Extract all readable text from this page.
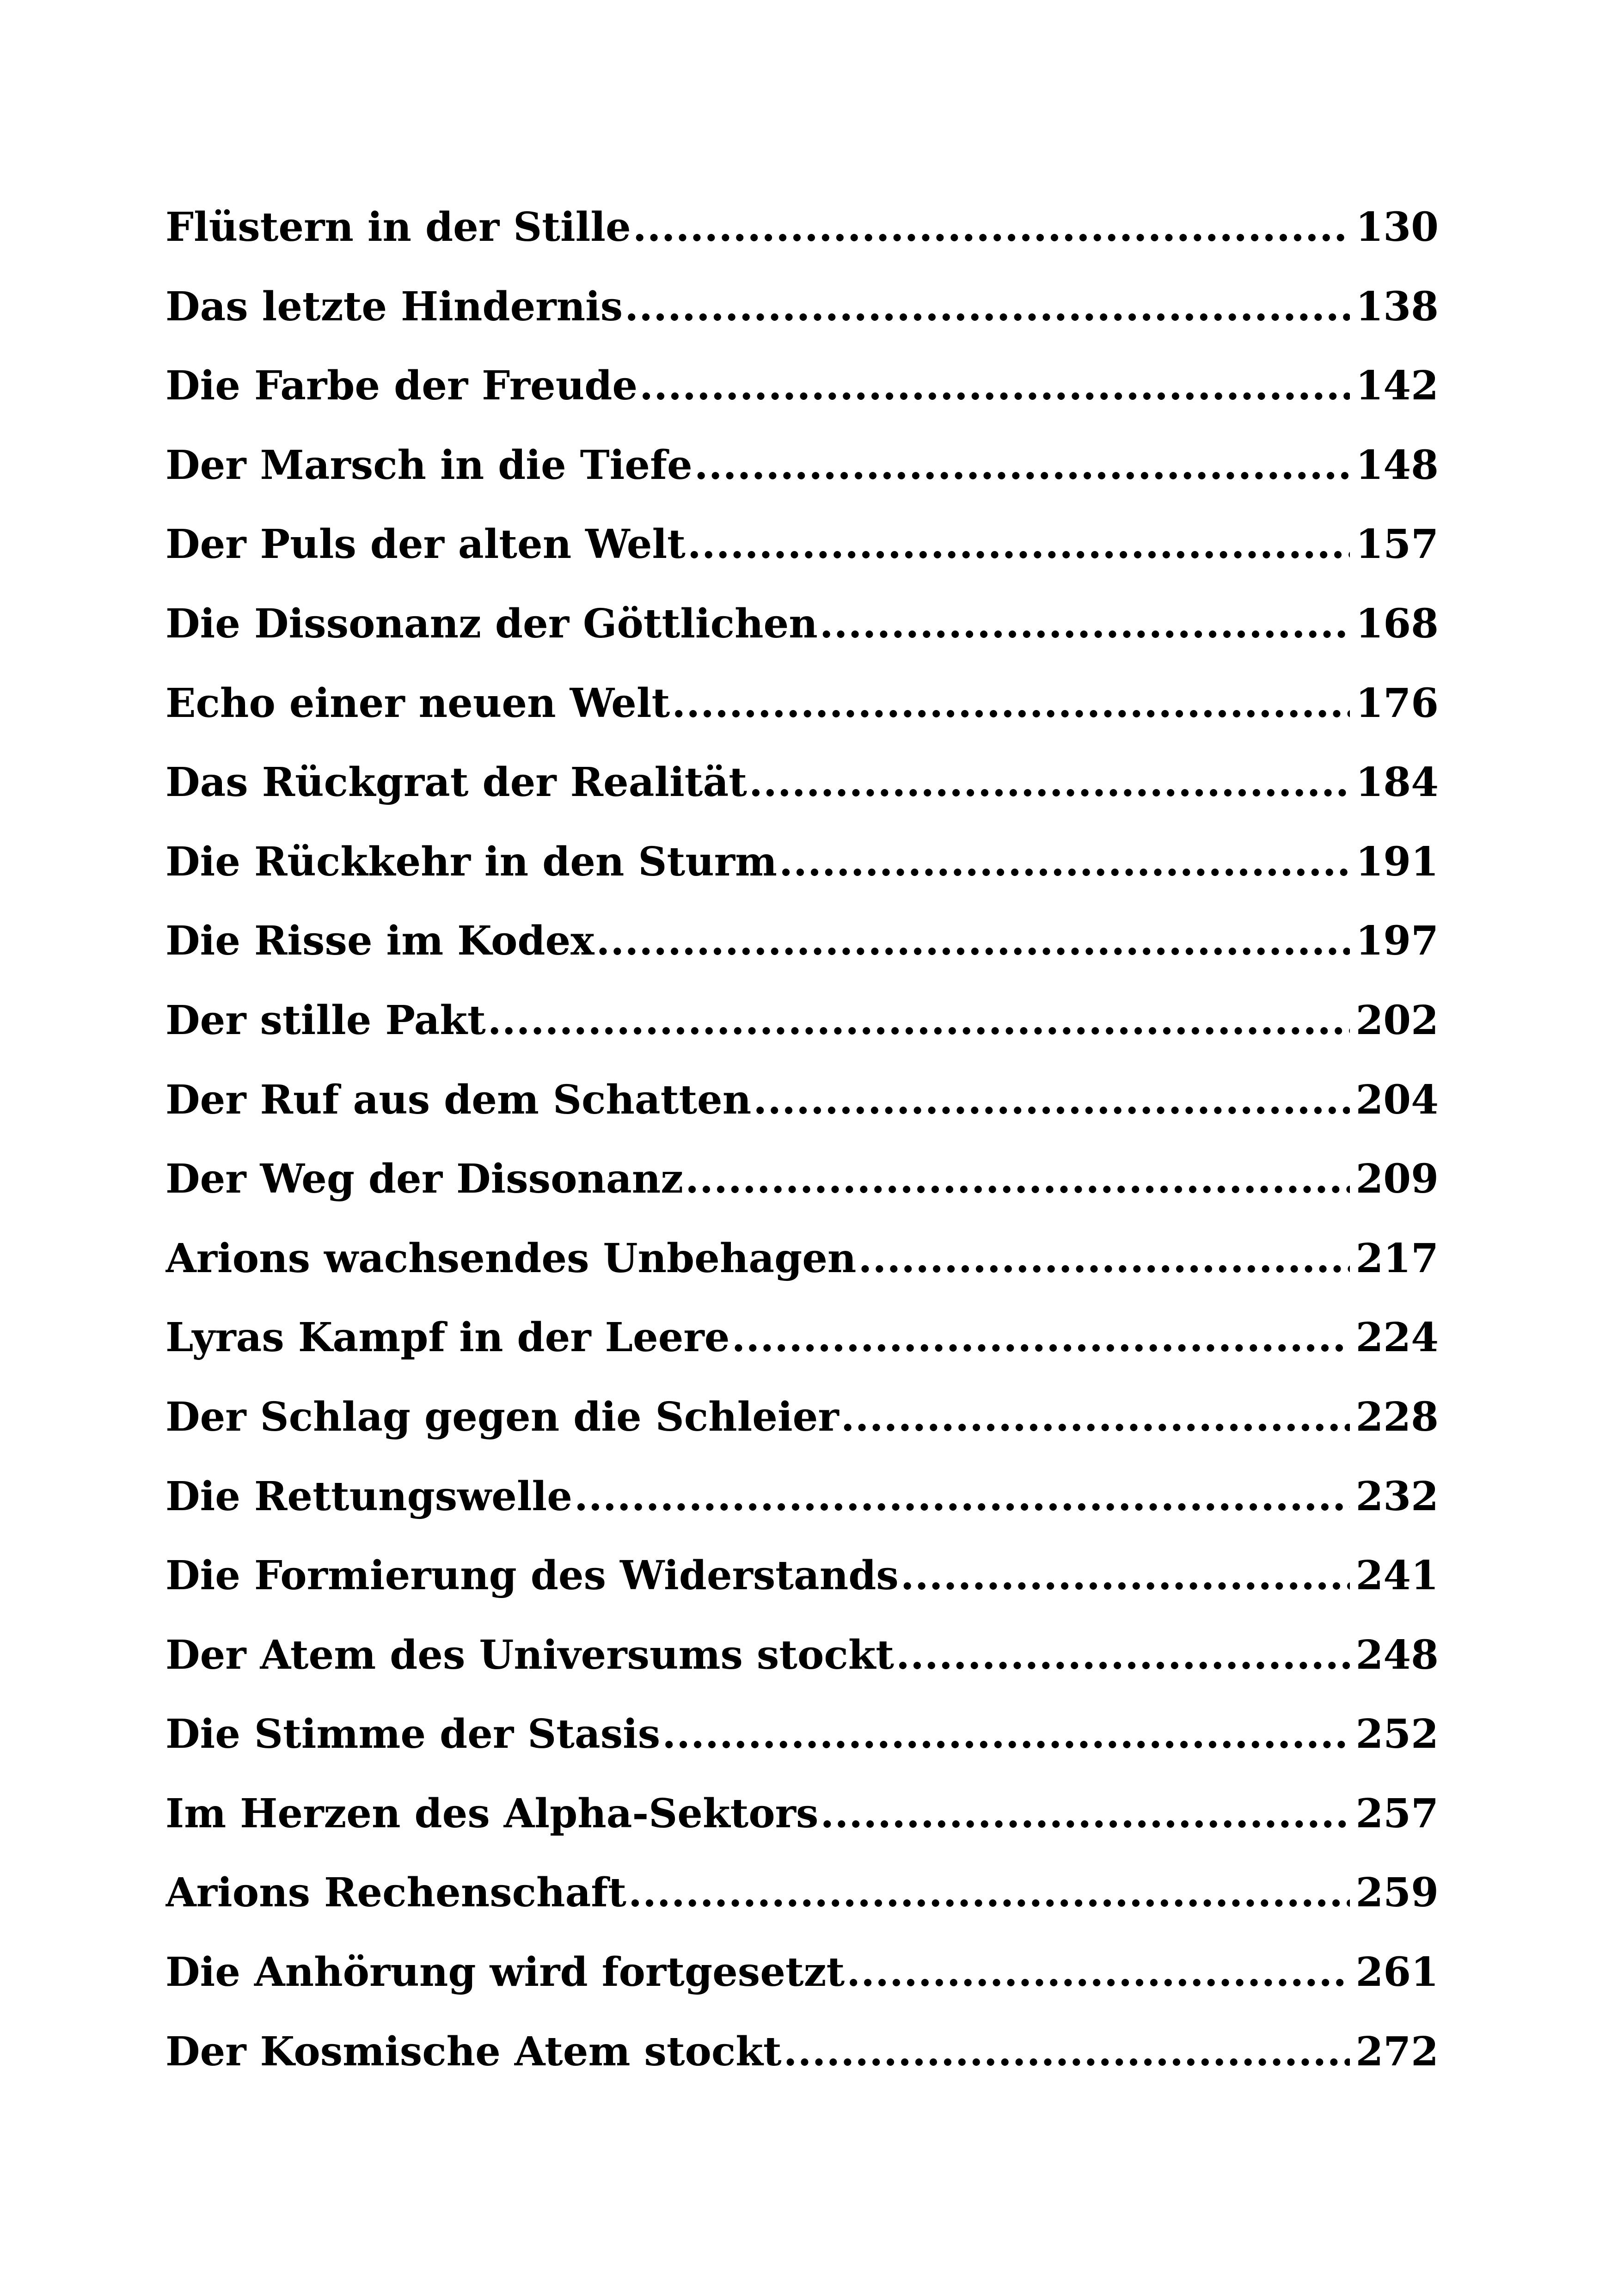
Flüstern in der Stille .....	130
Das letzte Hindernis .....	138
Die Farbe der Freude .....	142
Der Marsch in die Tiefe .....	148
Der Puls der alten Welt .....	157
Die Dissonanz der Göttlichen .....	168
Echo einer neuen Welt .....	176
Das Rückgrat der Realität .....	184
Die Rückkehr in den Sturm .....	191
Die Risse im Kodex .....	197
Der stille Pakt .....	202
Der Ruf aus dem Schatten .....	204
Der Weg der Dissonanz .....	209
Arions wachsendes Unbehagen .....	217
Lyras Kampf in der Leere .....	224
Der Schlag gegen die Schleier .....	228
Die Rettungswelle .....	232
Die Formierung des Widerstands .....	241
Der Atem des Universums stockt .....	248
Die Stimme der Stasis .....	252
Im Herzen des Alpha-Sektors .....	257
Arions Rechenschaft .....	259
Die Anhörung wird fortgesetzt .....	261
Der Kosmische Atem stockt .....	272
